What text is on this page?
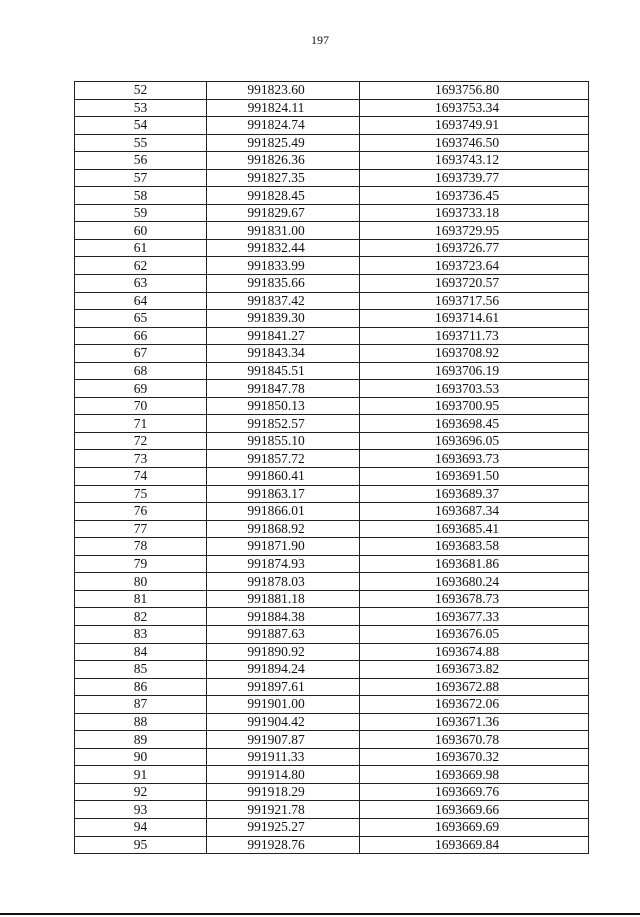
197
52	991823.60	1693756.80
53	991824.11	1693753.34
54	991824.74	1693749.91
55	991825.49	1693746.50
56	991826.36	1693743.12
57	991827.35	1693739.77
58	991828.45	1693736.45
59	991829.67	1693733.18
60	991831.00	1693729.95
61	991832.44	1693726.77
62	991833.99	1693723.64
63	991835.66	1693720.57
64	991837.42	1693717.56
65	991839.30	1693714.61
66	991841.27	1693711.73
67	991843.34	1693708.92
68	991845.51	1693706.19
69	991847.78	1693703.53
70	991850.13	1693700.95
71	991852.57	1693698.45
72	991855.10	1693696.05
73	991857.72	1693693.73
74	991860.41	1693691.50
75	991863.17	1693689.37
76	991866.01	1693687.34
77	991868.92	1693685.41
78	991871.90	1693683.58
79	991874.93	1693681.86
80	991878.03	1693680.24
81	991881.18	1693678.73
82	991884.38	1693677.33
83	991887.63	1693676.05
84	991890.92	1693674.88
85	991894.24	1693673.82
86	991897.61	1693672.88
87	991901.00	1693672.06
88	991904.42	1693671.36
89	991907.87	1693670.78
90	991911.33	1693670.32
91	991914.80	1693669.98
92	991918.29	1693669.76
93	991921.78	1693669.66
94	991925.27	1693669.69
95	991928.76	1693669.84
